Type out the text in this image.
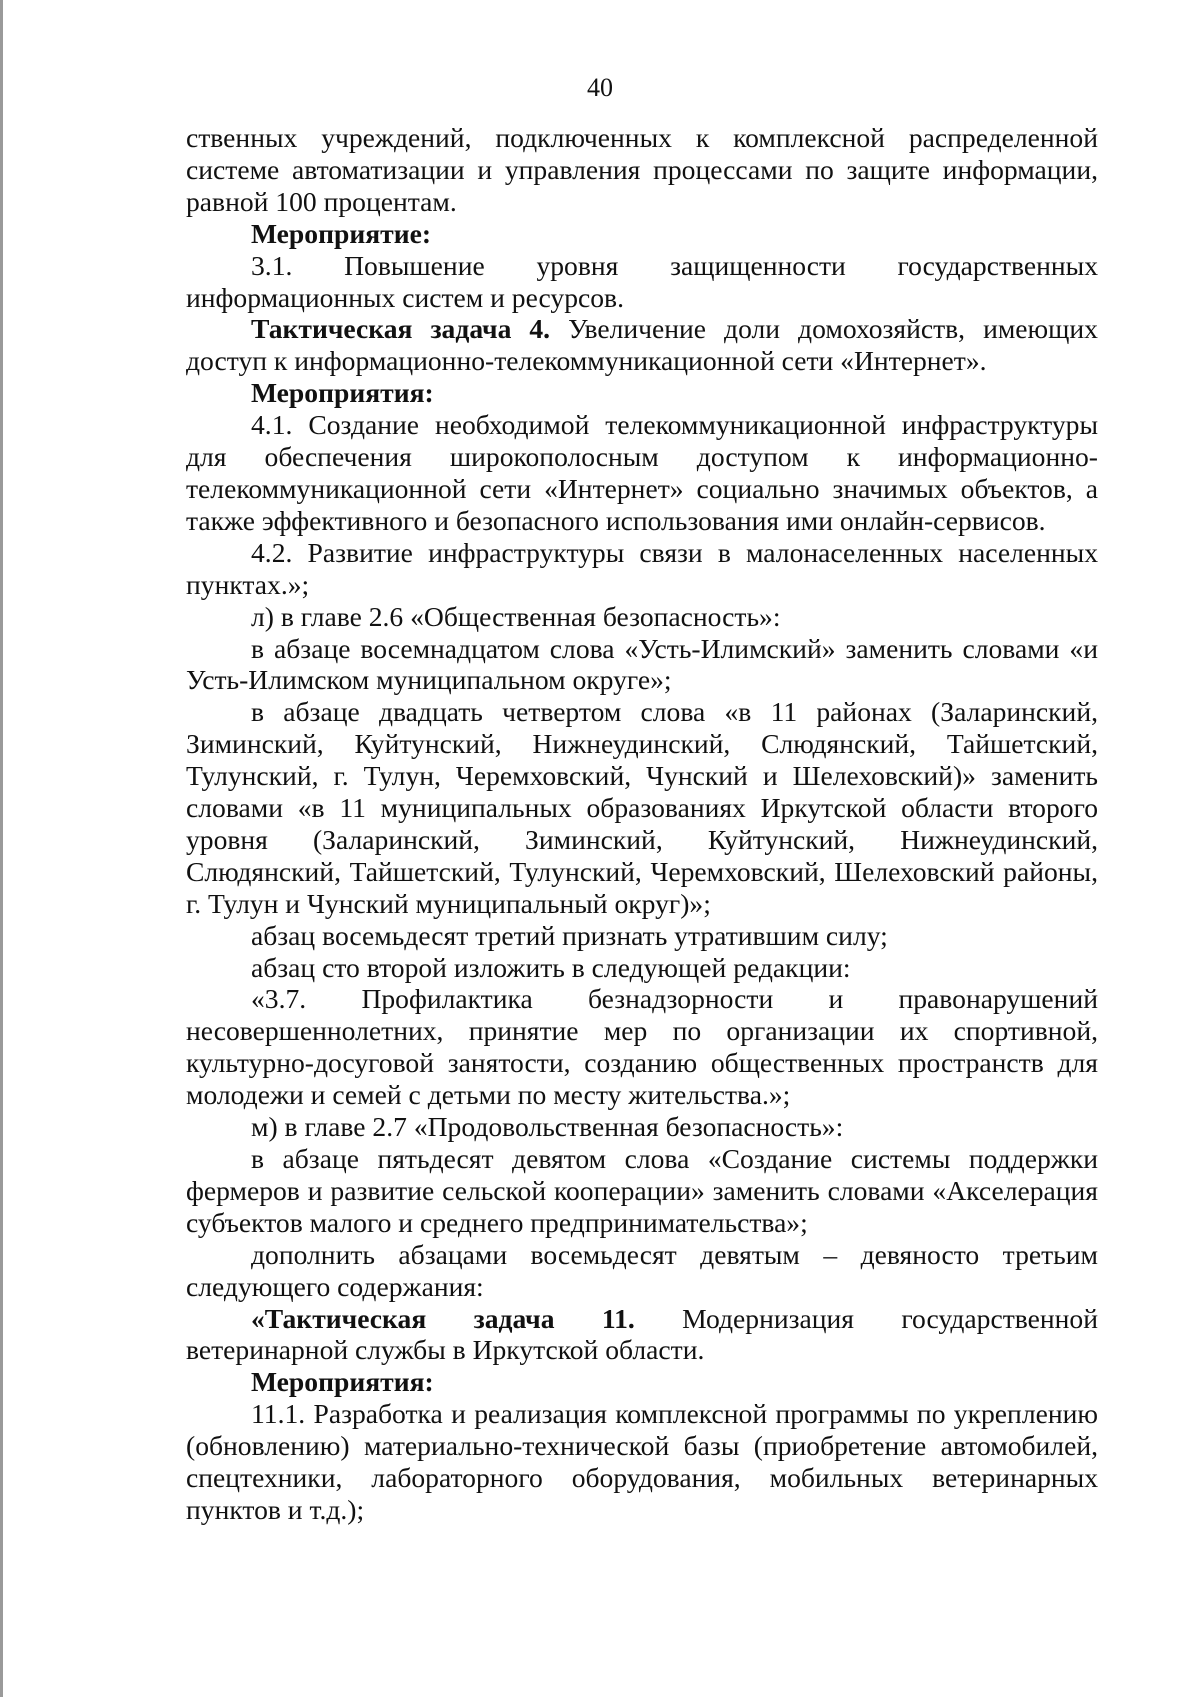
40

ственных учреждений, подключенных к комплексной распределенной системе автоматизации и управления процессами по защите информации, равной 100 процентам.

Мероприятие:

3.1. Повышение уровня защищенности государственных информационных систем и ресурсов.

Тактическая задача 4. Увеличение доли домохозяйств, имеющих доступ к информационно-телекоммуникационной сети «Интернет».

Мероприятия:

4.1. Создание необходимой телекоммуникационной инфраструктуры для обеспечения широкополосным доступом к информационно-телекоммуникационной сети «Интернет» социально значимых объектов, а также эффективного и безопасного использования ими онлайн-сервисов.

4.2. Развитие инфраструктуры связи в малонаселенных населенных пунктах.»;

л) в главе 2.6 «Общественная безопасность»:

в абзаце восемнадцатом слова «Усть-Илимский» заменить словами «и Усть-Илимском муниципальном округе»;

в абзаце двадцать четвертом слова «в 11 районах (Заларинский, Зиминский, Куйтунский, Нижнеудинский, Слюдянский, Тайшетский, Тулунский, г. Тулун, Черемховский, Чунский и Шелеховский)» заменить словами «в 11 муниципальных образованиях Иркутской области второго уровня (Заларинский, Зиминский, Куйтунский, Нижнеудинский, Слюдянский, Тайшетский, Тулунский, Черемховский, Шелеховский районы, г. Тулун и Чунский муниципальный округ)»;

абзац восемьдесят третий признать утратившим силу;

абзац сто второй изложить в следующей редакции:

«3.7. Профилактика безнадзорности и правонарушений несовершеннолетних, принятие мер по организации их спортивной, культурно-досуговой занятости, созданию общественных пространств для молодежи и семей с детьми по месту жительства.»;

м) в главе 2.7 «Продовольственная безопасность»:

в абзаце пятьдесят девятом слова «Создание системы поддержки фермеров и развитие сельской кооперации» заменить словами «Акселерация субъектов малого и среднего предпринимательства»;

дополнить абзацами восемьдесят девятым – девяносто третьим следующего содержания:

«Тактическая задача 11. Модернизация государственной ветеринарной службы в Иркутской области.

Мероприятия:

11.1. Разработка и реализация комплексной программы по укреплению (обновлению) материально-технической базы (приобретение автомобилей, спецтехники, лабораторного оборудования, мобильных ветеринарных пунктов и т.д.);
